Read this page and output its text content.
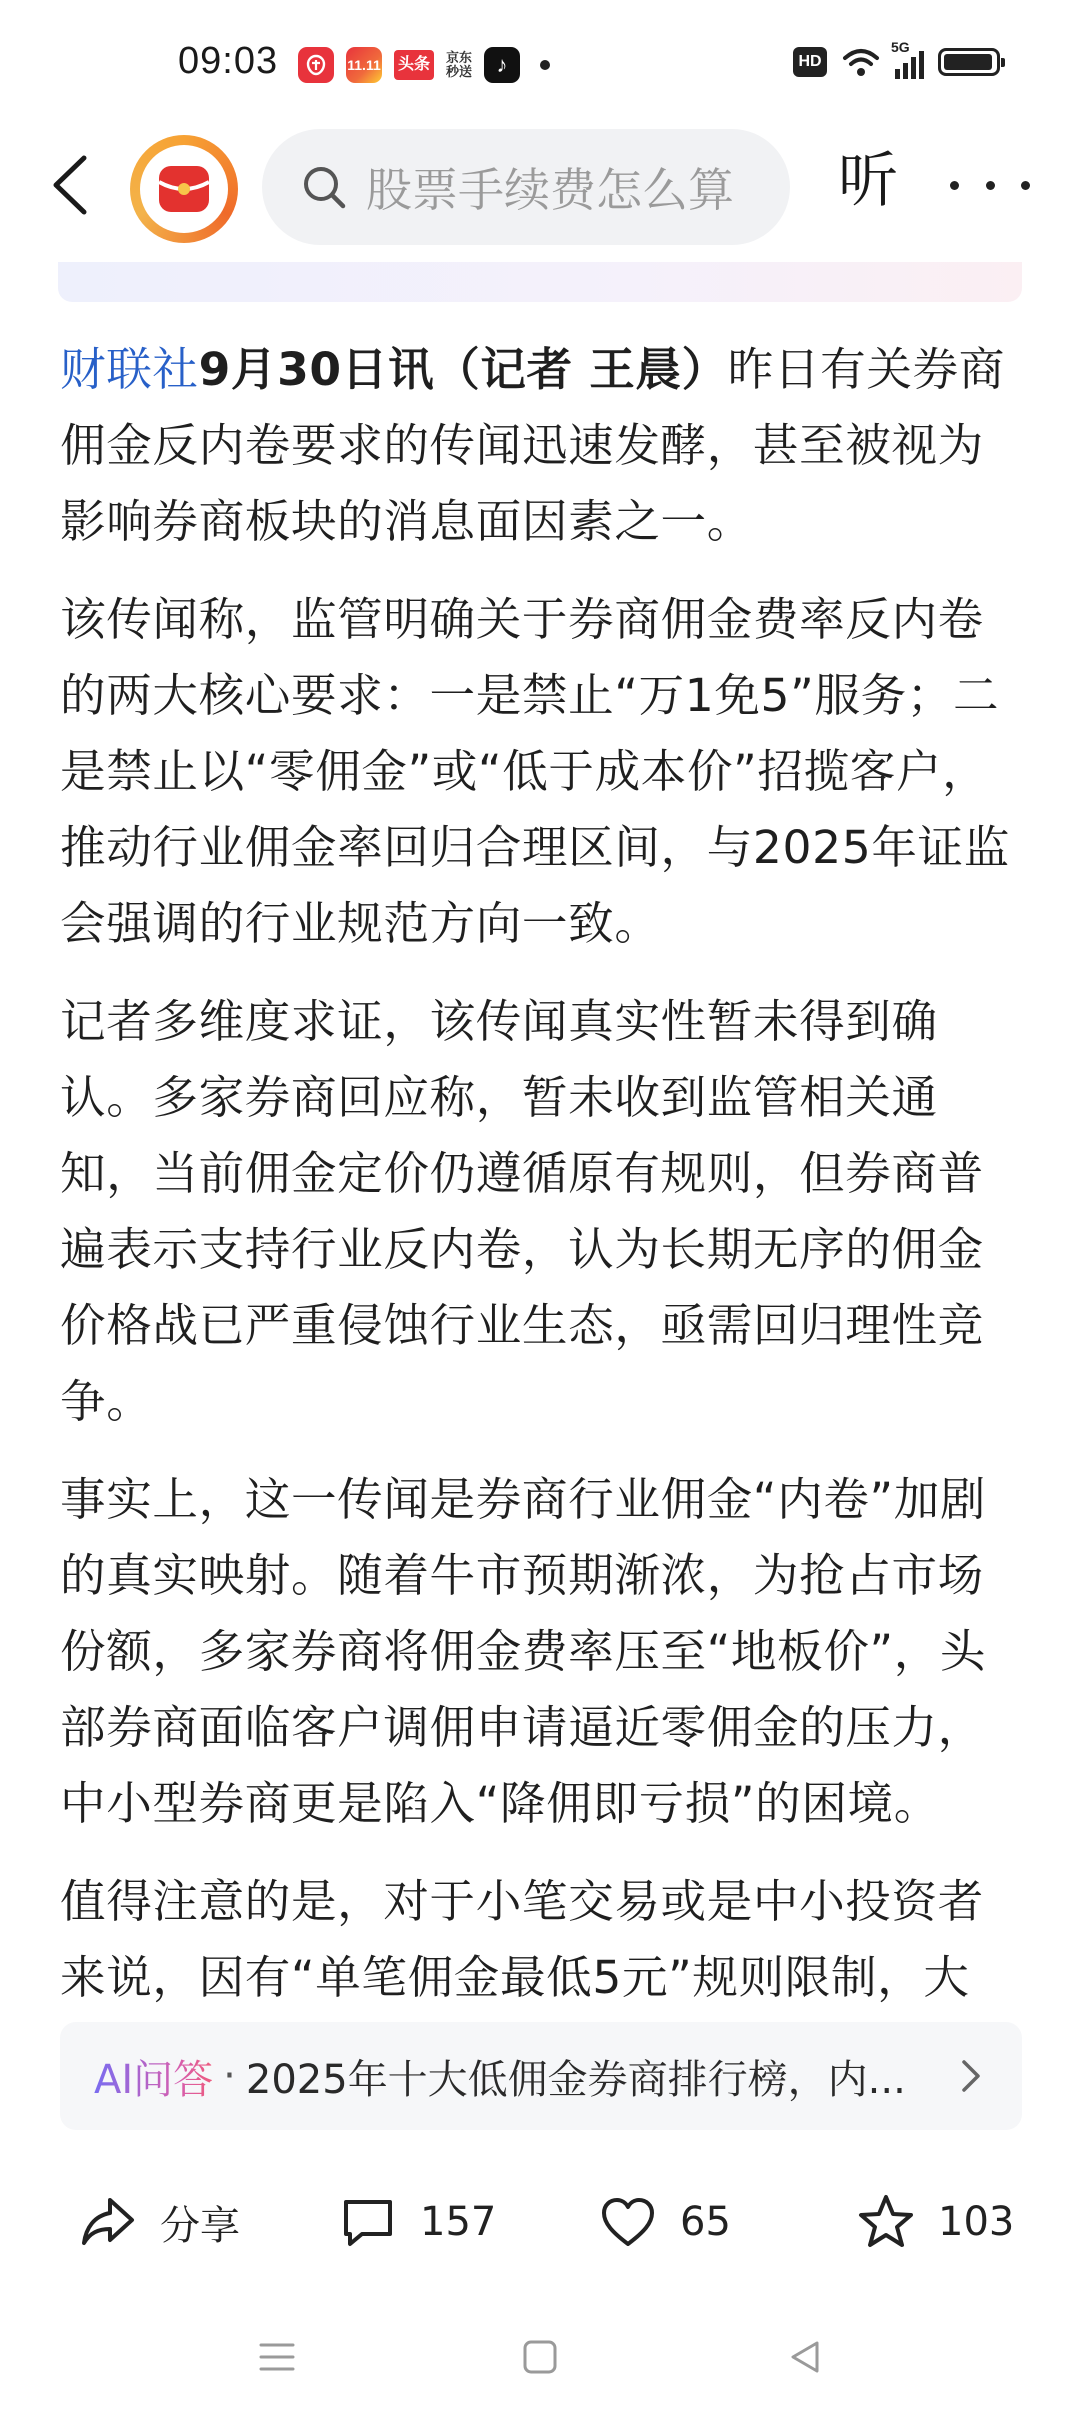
09:03	11.11 头条	京东
秒送	♪	HD
5G
股票手续费怎么算 听

财联社9月30日讯（记者 王晨）昨日有关券商佣金反内卷要求的传闻迅速发酵，甚至被视为影响券商板块的消息面因素之一。

该传闻称，监管明确关于券商佣金费率反内卷的两大核心要求：一是禁止“万1免5”服务；二是禁止以“零佣金”或“低于成本价”招揽客户，推动行业佣金率回归合理区间，与2025年证监会强调的行业规范方向一致。

记者多维度求证，该传闻真实性暂未得到确认。多家券商回应称，暂未收到监管相关通知，当前佣金定价仍遵循原有规则，但券商普遍表示支持行业反内卷，认为长期无序的佣金价格战已严重侵蚀行业生态，亟需回归理性竞争。

事实上，这一传闻是券商行业佣金“内卷”加剧的真实映射。随着牛市预期渐浓，为抢占市场份额，多家券商将佣金费率压至“地板价”，头部券商面临客户调佣申请逼近零佣金的压力，中小型券商更是陷入“降佣即亏损”的困境。

值得注意的是，对于小笔交易或是中小投资者来说，因有“单笔佣金最低5元”规则限制，大

AI问答 · 2025年十大低佣金券商排行榜，内...
分享	157	65	103
